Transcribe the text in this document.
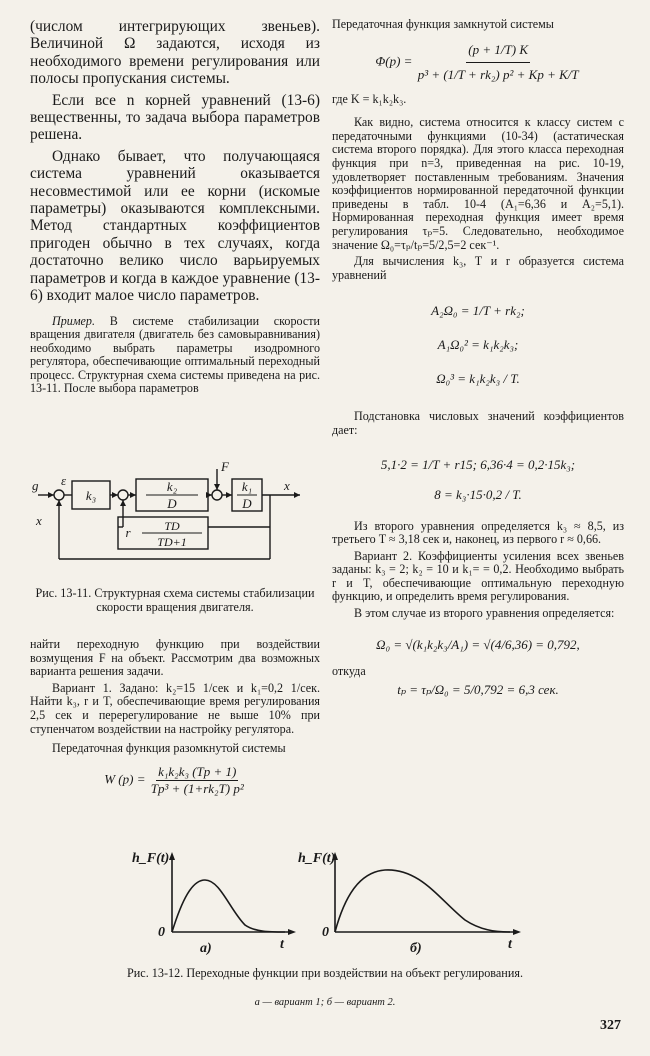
(числом интегрирующих звеньев). Величиной Ω задаются, исходя из необходимого времени регулирования или полосы пропускания системы.

Если все n корней уравнений (13-6) вещественны, то задача выбора параметров решена.

Однако бывает, что получающаяся система уравнений оказывается несовместимой или ее корни (искомые параметры) оказываются комплексными. Метод стандартных коэффициентов пригоден обычно в тех случаях, когда достаточно велико число варьируемых параметров и когда в каждое уравнение (13-6) входит малое число параметров.

Пример. В системе стабилизации скорости вращения двигателя (двигатель без самовыравнивания) необходимо выбрать параметры изодромного регулятора, обеспечивающие оптимальный переходный процесс. Структурная схема системы приведена на рис. 13-11. После выбора параметров

g ε
x
x
F
k₃
k₂
D
k₁
D
r	TD
TD+1
Рис. 13-11. Структурная схема системы стабилизации скорости вращения двигателя.

найти переходную функцию при воздействии возмущения F на объект. Рассмотрим два возможных варианта решения задачи.

Вариант 1. Задано: k₂=15 1/сек и k₁=0,2 1/сек. Найти k₃, r и T, обеспечивающие время регулирования 2,5 сек и перерегулирование не выше 10% при ступенчатом воздействии на настройку регулятора.

Передаточная функция разомкнутой системы

W $(p) = \frac{\text{k₁k₂k₃ (Tp + 1)}}{\text{Tp³ + (1+rk₂T) p²}}$

Передаточная функция замкнутой системы

$\Phi(p) = \frac{(p + 1/T) K}{\text{p³ + (1/T + rk₂) p² + Kp + K/T}}$

где K = k₁k₂k₃.

Как видно, система относится к классу систем с передаточными функциями (10-34) (астатическая система второго порядка). Для этого класса переходная функция при n=3, приведенная на рис. 10-19, удовлетворяет поставленным требованиям. Значения коэффициентов нормированной передаточной функции приведены в табл. 10-4 (A₁=6,36 и A₂=5,1). Нормированная переходная функция имеет время регулирования τₚ=5. Следовательно, необходимое значение Ω₀=τₚ/tₚ=5/2,5=2 сек⁻¹.

Для вычисления k₃, T и r образуется система уравнений

A₂Ω₀ = 1/T + rk₂;
A₁Ω₀² = k₁k₂k₃;
Ω₀³ = k₁k₂k₃ / T.

Подстановка числовых значений коэффициентов дает:

5,1·2 = 1/T + r15; 6,36·4 = 0,2·15k₃;
8 = k₃·15·0,2 / T.

Из второго уравнения определяется k₃ ≈ 8,5, из третьего T ≈ 3,18 сек и, наконец, из первого r ≈ 0,66.

Вариант 2. Коэффициенты усиления всех звеньев заданы: k₃ = 2; k₂ = 10 и k₁= = 0,2. Необходимо выбрать r и T, обеспечивающие оптимальную переходную функцию, и определить время регулирования.

В этом случае из второго уравнения определяется:

Ω₀ = √(k₁k₂k₃/A₁) = √(4/6,36) = 0,792,

откуда

tₚ = τₚ/Ω₀ = 5/0,792 = 6,3 сек.
h_F(t)
0
t
а)
h_F(t)
0
t
б)
Рис. 13-12. Переходные функции при воздействии на объект регулирования.
а — вариант 1; б — вариант 2.
327
